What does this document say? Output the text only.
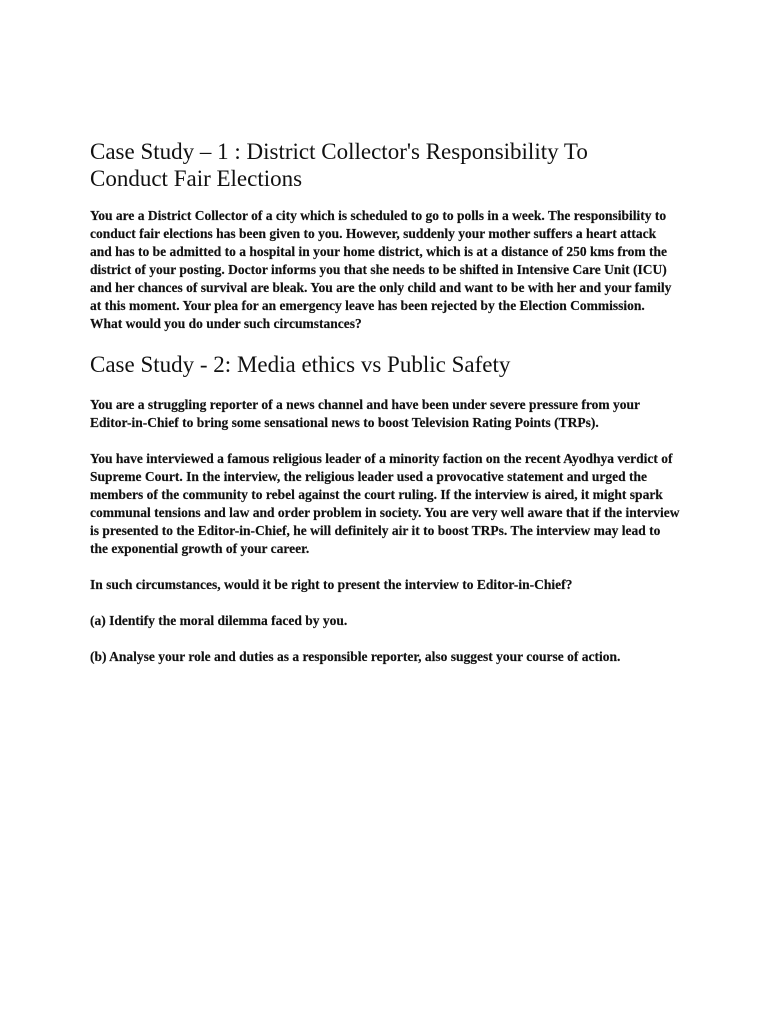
Case Study – 1 : District Collector's Responsibility To Conduct Fair Elections

You are a District Collector of a city which is scheduled to go to polls in a week. The responsibility to conduct fair elections has been given to you. However, suddenly your mother suffers a heart attack and has to be admitted to a hospital in your home district, which is at a distance of 250 kms from the district of your posting. Doctor informs you that she needs to be shifted in Intensive Care Unit (ICU) and her chances of survival are bleak. You are the only child and want to be with her and your family at this moment. Your plea for an emergency leave has been rejected by the Election Commission. What would you do under such circumstances?

Case Study - 2: Media ethics vs Public Safety

You are a struggling reporter of a news channel and have been under severe pressure from your Editor-in-Chief to bring some sensational news to boost Television Rating Points (TRPs).

You have interviewed a famous religious leader of a minority faction on the recent Ayodhya verdict of Supreme Court. In the interview, the religious leader used a provocative statement and urged the members of the community to rebel against the court ruling. If the interview is aired, it might spark communal tensions and law and order problem in society. You are very well aware that if the interview is presented to the Editor-in-Chief, he will definitely air it to boost TRPs. The interview may lead to the exponential growth of your career.

In such circumstances, would it be right to present the interview to Editor-in-Chief?

(a) Identify the moral dilemma faced by you.

(b) Analyse your role and duties as a responsible reporter, also suggest your course of action.
